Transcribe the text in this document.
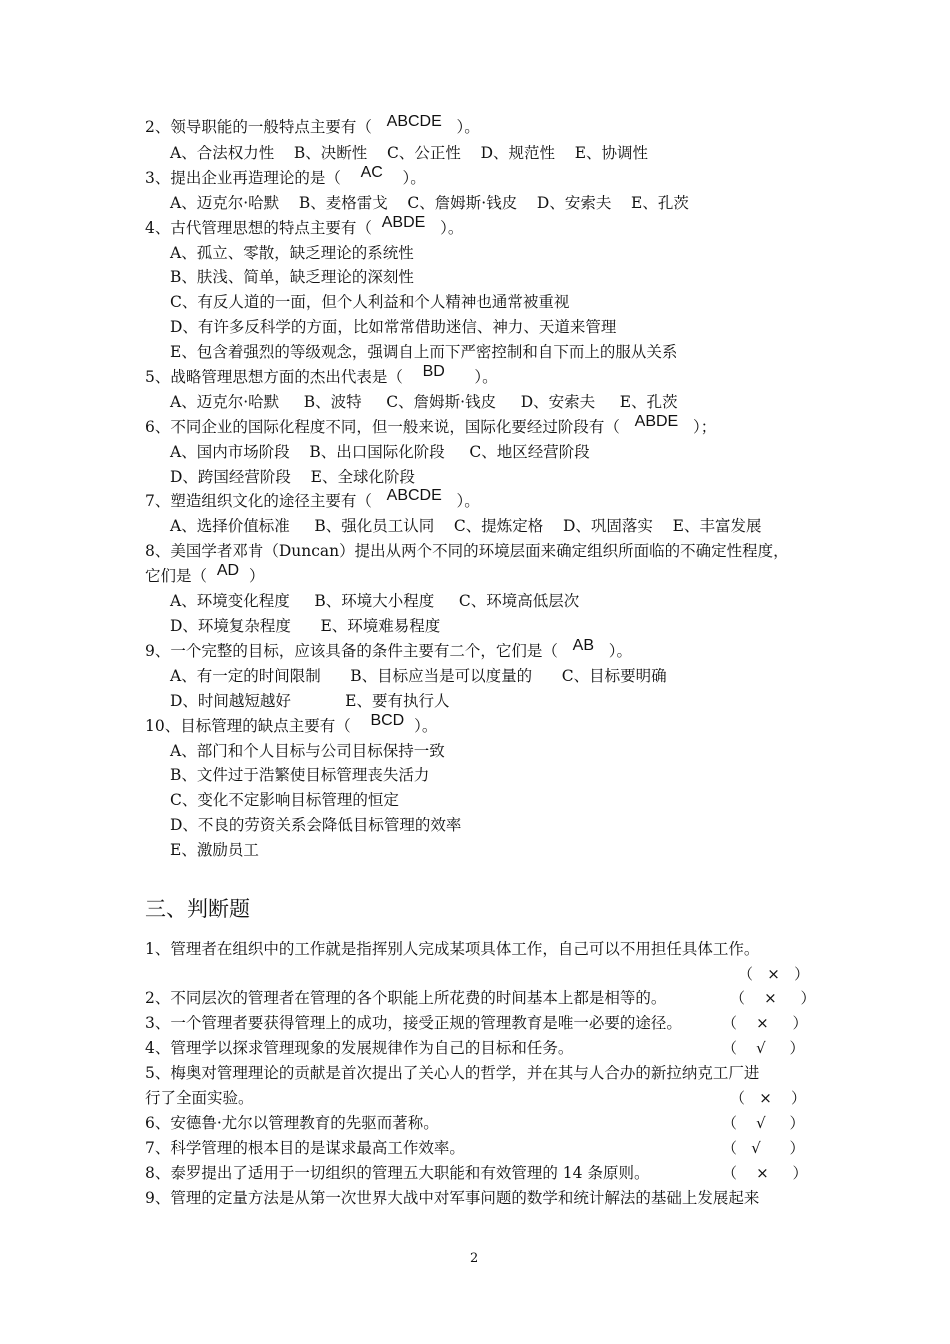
2、领导职能的一般特点主要有（   ABCDE   ）。
A、合法权力性    B、决断性    C、公正性    D、规范性    E、协调性
3、提出企业再造理论的是（    AC    ）。
A、迈克尔·哈默    B、麦格雷戈    C、詹姆斯·钱皮    D、安索夫    E、孔茨
4、古代管理思想的特点主要有（  ABDE   ）。
A、孤立、零散，缺乏理论的系统性
B、肤浅、简单，缺乏理论的深刻性
C、有反人道的一面，但个人利益和个人精神也通常被重视
D、有许多反科学的方面，比如常常借助迷信、神力、天道来管理
E、包含着强烈的等级观念，强调自上而下严密控制和自下而上的服从关系
5、战略管理思想方面的杰出代表是（    BD      ）。
A、迈克尔·哈默     B、波特     C、詹姆斯·钱皮     D、安索夫     E、孔茨
6、不同企业的国际化程度不同，但一般来说，国际化要经过阶段有（   ABDE   ）；
A、国内市场阶段    B、出口国际化阶段     C、地区经营阶段
D、跨国经营阶段    E、全球化阶段
7、塑造组织文化的途径主要有（   ABCDE   ）。
A、选择价值标准     B、强化员工认同    C、提炼定格    D、巩固落实    E、丰富发展
8、美国学者邓肯（Duncan）提出从两个不同的环境层面来确定组织所面临的不确定性程度，
它们是（  AD  ）
A、环境变化程度     B、环境大小程度     C、环境高低层次
D、环境复杂程度      E、环境难易程度
9、一个完整的目标，应该具备的条件主要有二个，它们是（   AB   ）。
A、有一定的时间限制      B、目标应当是可以度量的      C、目标要明确
D、时间越短越好           E、要有执行人
10、目标管理的缺点主要有（    BCD  ）。
A、部门和个人目标与公司目标保持一致
B、文件过于浩繁使目标管理丧失活力
C、变化不定影响目标管理的恒定
D、不良的劳资关系会降低目标管理的效率
E、激励员工
三、判断题
1、管理者在组织中的工作就是指挥别人完成某项具体工作，自己可以不用担任具体工作。
（   ×   ）
2、不同层次的管理者在管理的各个职能上所花费的时间基本上都是相等的。	（    ×     ）
3、一个管理者要获得管理上的成功，接受正规的管理教育是唯一必要的途径。	（    ×     ）
4、管理学以探求管理现象的发展规律作为自己的目标和任务。	（    √     ）
5、梅奥对管理理论的贡献是首次提出了关心人的哲学，并在其与人合办的新拉纳克工厂进
行了全面实验。	（   ×    ）
6、安德鲁·尤尔以管理教育的先驱而著称。	（    √     ）
7、科学管理的根本目的是谋求最高工作效率。	（   √      ）
8、泰罗提出了适用于一切组织的管理五大职能和有效管理的 14 条原则。	（    ×     ）
9、管理的定量方法是从第一次世界大战中对军事问题的数学和统计解法的基础上发展起来
2
